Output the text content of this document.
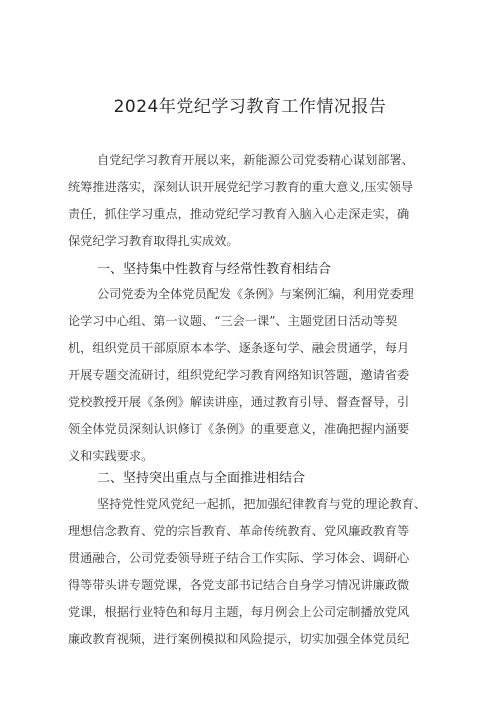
2024年党纪学习教育工作情况报告
自党纪学习教育开展以来，新能源公司党委精心谋划部署、
统筹推进落实，深刻认识开展党纪学习教育的重大意义,压实领导
责任，抓住学习重点，推动党纪学习教育入脑入心走深走实，确
保党纪学习教育取得扎实成效。
一、坚持集中性教育与经常性教育相结合
公司党委为全体党员配发《条例》与案例汇编，利用党委理
论学习中心组、第一议题、“三会一课”、主题党团日活动等契
机，组织党员干部原原本本学、逐条逐句学、融会贯通学，每月
开展专题交流研讨，组织党纪学习教育网络知识答题，邀请省委
党校教授开展《条例》解读讲座，通过教育引导、督查督导，引
领全体党员深刻认识修订《条例》的重要意义，准确把握内涵要
义和实践要求。
二、坚持突出重点与全面推进相结合
坚持党性党风党纪一起抓，把加强纪律教育与党的理论教育、
理想信念教育、党的宗旨教育、革命传统教育、党风廉政教育等
贯通融合，公司党委领导班子结合工作实际、学习体会、调研心
得等带头讲专题党课，各党支部书记结合自身学习情况讲廉政微
党课，根据行业特色和每月主题，每月例会上公司定制播放党风
廉政教育视频，进行案例模拟和风险提示，切实加强全体党员纪
